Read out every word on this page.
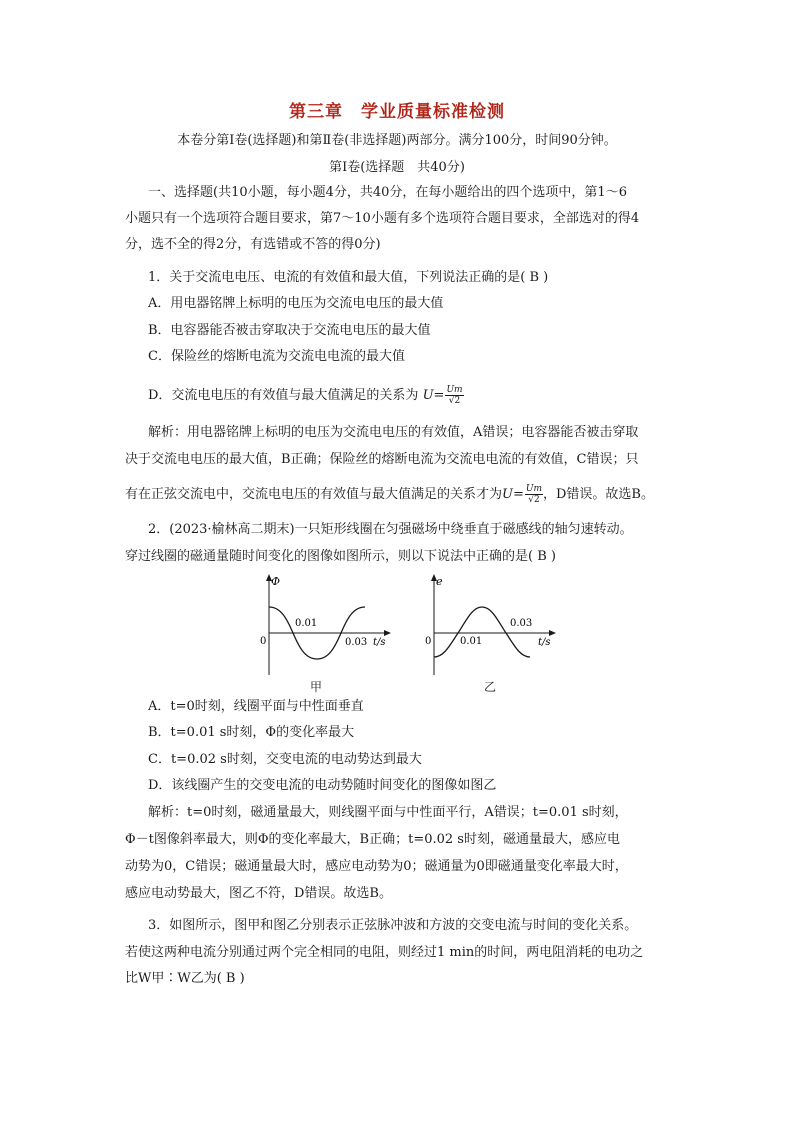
第三章　学业质量标准检测
本卷分第Ⅰ卷(选择题)和第Ⅱ卷(非选择题)两部分。满分100分，时间90分钟。
第Ⅰ卷(选择题　共40分)
一、选择题(共10小题，每小题4分，共40分，在每小题给出的四个选项中，第1～6
小题只有一个选项符合题目要求，第7～10小题有多个选项符合题目要求，全部选对的得4
分，选不全的得2分，有选错或不答的得0分)
1．关于交流电电压、电流的有效值和最大值，下列说法正确的是( B )
A．用电器铭牌上标明的电压为交流电电压的最大值
B．电容器能否被击穿取决于交流电电压的最大值
C．保险丝的熔断电流为交流电电流的最大值
D．交流电电压的有效值与最大值满足的关系为 $U= \frac{Um}{√2}$
解析：用电器铭牌上标明的电压为交流电电压的有效值，A错误；电容器能否被击穿取
决于交流电电压的最大值，B正确；保险丝的熔断电流为交流电电流的有效值，C错误；只
有在正弦交流电中，交流电电压的有效值与最大值满足的关系才为$U= \frac{Um}{√2}$ ，D错误。故选B。
2．(2023·榆林高二期末)一只矩形线圈在匀强磁场中绕垂直于磁感线的轴匀速转动。
穿过线圈的磁通量随时间变化的图像如图所示，则以下说法中正确的是( B )
Φ
0
0.01
0.03 t/s
甲
e
0	0.01
0.03
t/s
乙
A．t=0时刻，线圈平面与中性面垂直
B．t=0.01 s时刻，Φ的变化率最大
C．t=0.02 s时刻，交变电流的电动势达到最大
D．该线圈产生的交变电流的电动势随时间变化的图像如图乙
解析：t=0时刻，磁通量最大，则线圈平面与中性面平行，A错误；t=0.01 s时刻，
Φ－t图像斜率最大，则Φ的变化率最大，B正确；t=0.02 s时刻，磁通量最大，感应电
动势为0，C错误；磁通量最大时，感应电动势为0；磁通量为0即磁通量变化率最大时，
感应电动势最大，图乙不符，D错误。故选B。
3．如图所示，图甲和图乙分别表示正弦脉冲波和方波的交变电流与时间的变化关系。
若使这两种电流分别通过两个完全相同的电阻，则经过1 min的时间，两电阻消耗的电功之
比W甲∶W乙为( B )
